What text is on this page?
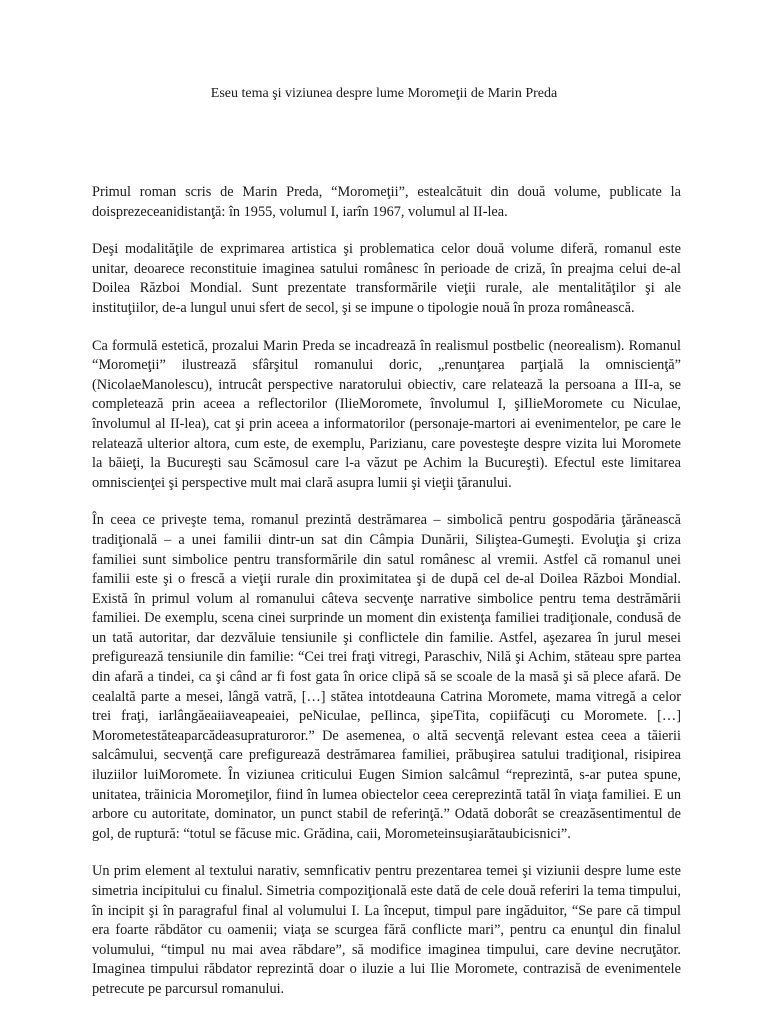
Eseu tema şi viziunea despre lume Moromeţii de Marin Preda

Primul roman scris de Marin Preda, “Moromeţii”, estealcătuit din două volume, publicate la doisprezeceanidistanţă: în 1955, volumul I, iarîn 1967, volumul al II-lea.

Deşi modalităţile de exprimarea artistica şi problematica celor două volume diferă, romanul este unitar, deoarece reconstituie imaginea satului românesc în perioade de criză, în preajma celui de-al Doilea Război Mondial. Sunt prezentate transformările vieţii rurale, ale mentalităţilor şi ale instituţiilor, de-a lungul unui sfert de secol, şi se impune o tipologie nouă în proza românească.

Ca formulă estetică, prozalui Marin Preda se incadrează în realismul postbelic (neorealism). Romanul “Moromeţii” ilustrează sfârşitul romanului doric, „renunţarea parţială la omniscienţă” (NicolaeManolescu), intrucât perspective naratorului obiectiv, care relatează la persoana a III-a, se completează prin aceea a reflectorilor (IlieMoromete, învolumul I, şiIlieMoromete cu Niculae, învolumul al II-lea), cat şi prin aceea a informatorilor (personaje-martori ai evenimentelor, pe care le relatează ulterior altora, cum este, de exemplu, Parizianu, care povesteşte despre vizita lui Moromete la băieţi, la Bucureşti sau Scămosul care l-a văzut pe Achim la Bucureşti). Efectul este limitarea omniscienţei şi perspective mult mai clară asupra lumii şi vieţii ţăranului.

În ceea ce priveşte tema, romanul prezintă destrămarea – simbolică pentru gospodăria ţărănească tradiţională – a unei familii dintr-un sat din Câmpia Dunării, Siliştea-Gumeşti. Evoluţia şi criza familiei sunt simbolice pentru transformările din satul românesc al vremii. Astfel că romanul unei familii este şi o frescă a vieţii rurale din proximitatea şi de după cel de-al Doilea Război Mondial. Există în primul volum al romanului câteva secvenţe narrative simbolice pentru tema destrămării familiei. De exemplu, scena cinei surprinde un moment din existenţa familiei tradiţionale, condusă de un tată autoritar, dar dezvăluie tensiunile şi conflictele din familie. Astfel, aşezarea în jurul mesei prefigurează tensiunile din familie: “Cei trei fraţi vitregi, Paraschiv, Nilă şi Achim, stăteau spre partea din afară a tindei, ca şi când ar fi fost gata în orice clipă să se scoale de la masă şi să plece afară. De cealaltă parte a mesei, lângă vatră, […] stătea intotdeauna Catrina Moromete, mama vitregă a celor trei fraţi, iarlângăeaiiaveapeaiei, peNiculae, peIlinca, şipeTita, copiifăcuţi cu Moromete. […] Morometestăteaparcădeasupraturoror.” De asemenea, o altă secvenţă relevant estea ceea a tăierii salcâmului, secvenţă care prefigurează destrămarea familiei, prăbuşirea satului tradiţional, risipirea iluziilor luiMoromete. În viziunea criticului Eugen Simion salcâmul “reprezintă, s-ar putea spune, unitatea, trăinicia Moromeţilor, fiind în lumea obiectelor ceea cereprezintă tatăl în viaţa familiei. E un arbore cu autoritate, dominator, un punct stabil de referinţă.” Odată doborât se creazăsentimentul de gol, de ruptură: “totul se făcuse mic. Grădina, caii, Morometeinsuşiarătaubicisnici”.

Un prim element al textului narativ, semnficativ pentru prezentarea temei şi viziunii despre lume este simetria incipitului cu finalul. Simetria compoziţională este dată de cele două referiri la tema timpului, în incipit şi în paragraful final al volumului I. La început, timpul pare ingăduitor, “Se pare că timpul era foarte răbdător cu oamenii; viaţa se scurgea fără conflicte mari”, pentru ca enunţul din finalul volumului, “timpul nu mai avea răbdare”, să modifice imaginea timpului, care devine necruţător. Imaginea timpului răbdator reprezintă doar o iluzie a lui Ilie Moromete, contrazisă de evenimentele petrecute pe parcursul romanului.
